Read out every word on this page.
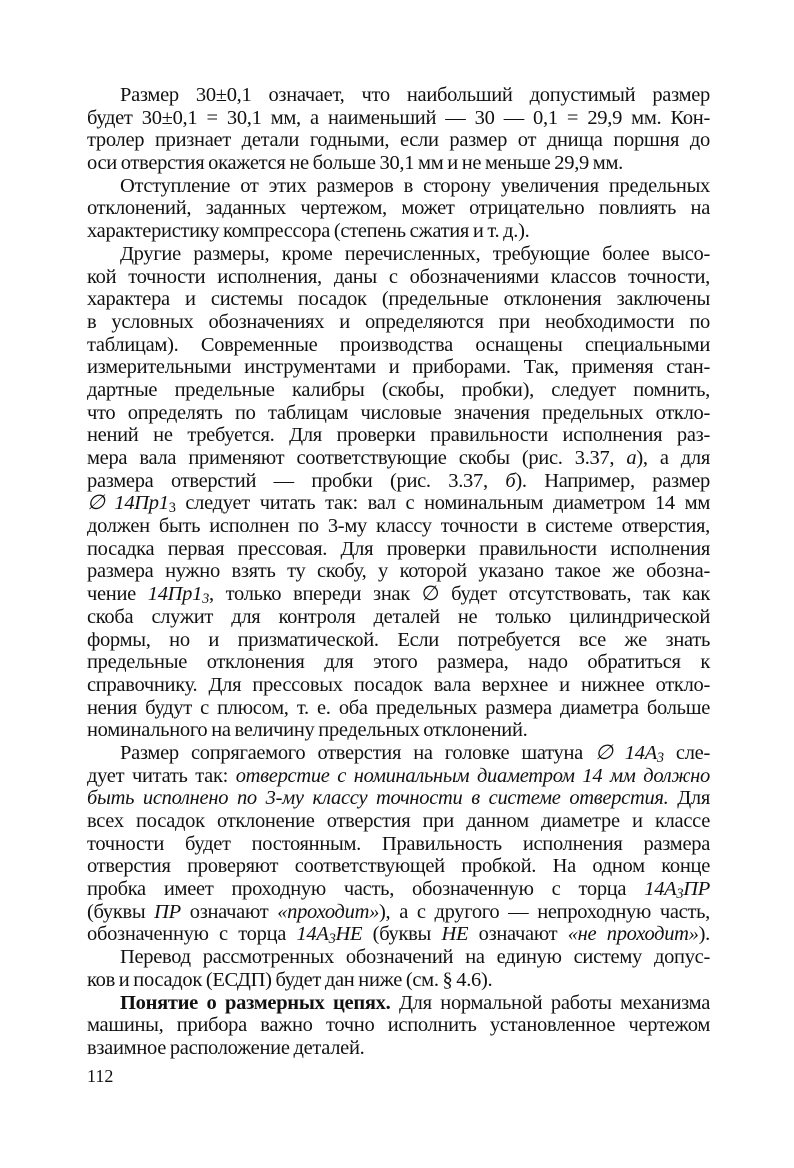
Размер 30±0,1 означает, что наибольший допустимый размер
будет 30±0,1 = 30,1 мм, а наименьший — 30 — 0,1 = 29,9 мм. Кон-
тролер признает детали годными, если размер от днища поршня до
оси отверстия окажется не больше 30,1 мм и не меньше 29,9 мм.
Отступление от этих размеров в сторону увеличения предельных
отклонений, заданных чертежом, может отрицательно повлиять на
характеристику компрессора (степень сжатия и т. д.).
Другие размеры, кроме перечисленных, требующие более высо-
кой точности исполнения, даны с обозначениями классов точности,
характера и системы посадок (предельные отклонения заключены
в условных обозначениях и определяются при необходимости по
таблицам). Современные производства оснащены специальными
измерительными инструментами и приборами. Так, применяя стан-
дартные предельные калибры (скобы, пробки), следует помнить,
что определять по таблицам числовые значения предельных откло-
нений не требуется. Для проверки правильности исполнения раз-
мера вала применяют соответствующие скобы (рис. 3.37, а), а для
размера отверстий — пробки (рис. 3.37, б). Например, размер
∅ $14Пр1_3$ следует читать так: вал с номинальным диаметром 14 мм
должен быть исполнен по 3-му классу точности в системе отверстия,
посадка первая прессовая. Для проверки правильности исполнения
размера нужно взять ту скобу, у которой указано такое же обозна-
чение $14Пр1_3$, только впереди знак ∅ будет отсутствовать, так как
скоба служит для контроля деталей не только цилиндрической
формы, но и призматической. Если потребуется все же знать
предельные отклонения для этого размера, надо обратиться к
справочнику. Для прессовых посадок вала верхнее и нижнее откло-
нения будут с плюсом, т. е. оба предельных размера диаметра больше
номинального на величину предельных отклонений.
Размер сопрягаемого отверстия на головке шатуна ∅ $14А_3$ сле-
дует читать так: отверстие с номинальным диаметром 14 мм должно
быть исполнено по 3-му классу точности в системе отверстия. Для
всех посадок отклонение отверстия при данном диаметре и классе
точности будет постоянным. Правильность исполнения размера
отверстия проверяют соответствующей пробкой. На одном конце
пробка имеет проходную часть, обозначенную с торца $14А_3ПР$
(буквы ПР означают «проходит»), а с другого — непроходную часть,
обозначенную с торца $14А_3НЕ$ (буквы НЕ означают «не проходит»).
Перевод рассмотренных обозначений на единую систему допус-
ков и посадок (ЕСДП) будет дан ниже (см. § 4.6).
Понятие о размерных цепях. Для нормальной работы механизма
машины, прибора важно точно исполнить установленное чертежом
взаимное расположение деталей.
112
